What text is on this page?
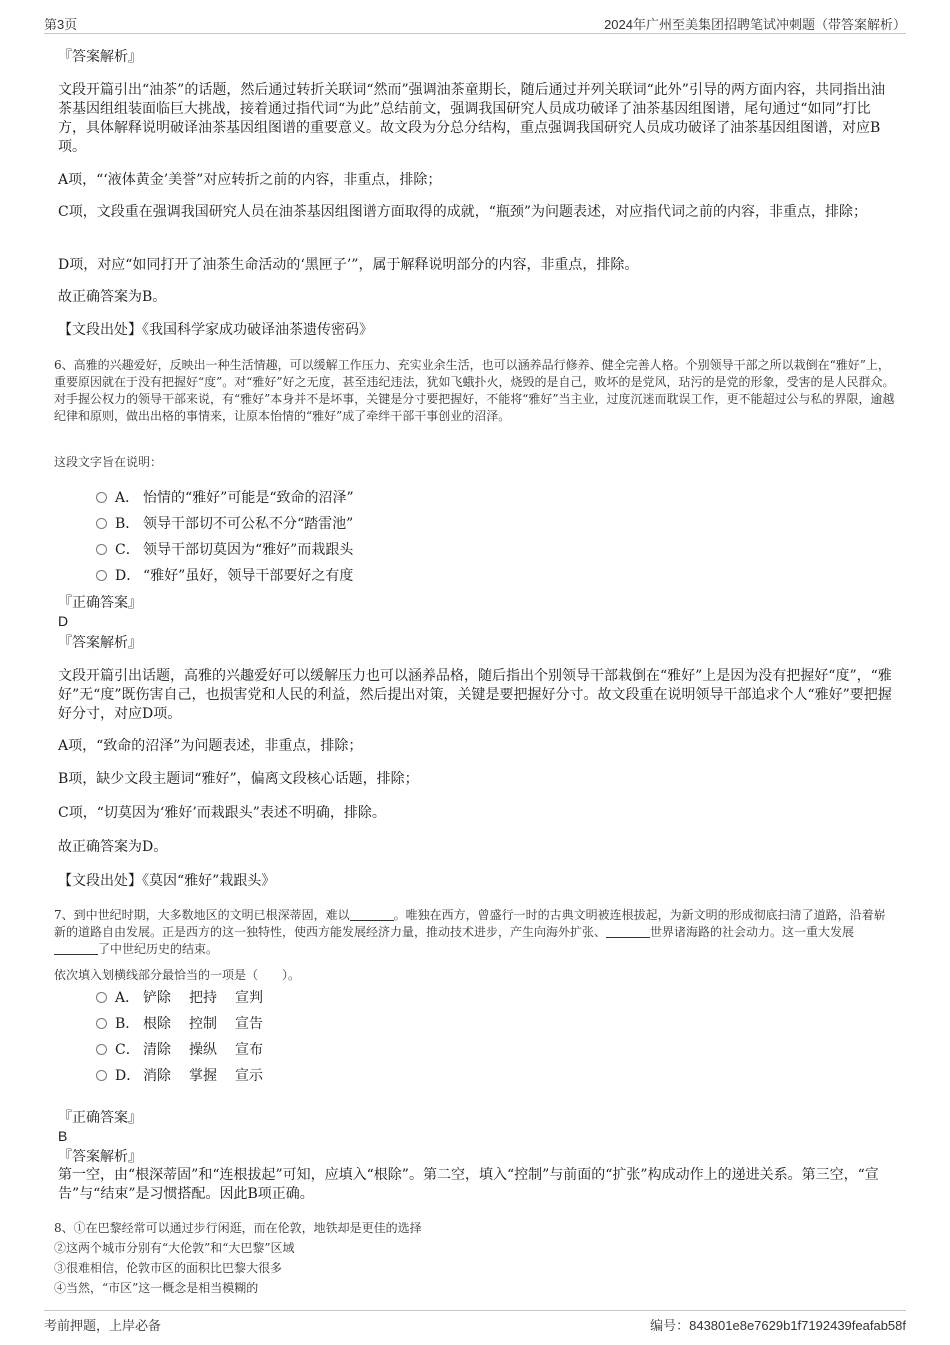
第3页	2024年广州至美集团招聘笔试冲刺题（带答案解析）
『答案解析』
文段开篇引出“油茶”的话题，然后通过转折关联词“然而”强调油茶童期长，随后通过并列关联词“此外”引导的两方面内容，共同指出油茶基因组组装面临巨大挑战，接着通过指代词“为此”总结前文，强调我国研究人员成功破译了油茶基因组图谱，尾句通过“如同”打比方，具体解释说明破译油茶基因组图谱的重要意义。故文段为分总分结构，重点强调我国研究人员成功破译了油茶基因组图谱，对应B项。
A项，“‘液体黄金’美誉”对应转折之前的内容，非重点，排除；
C项，文段重在强调我国研究人员在油茶基因组图谱方面取得的成就，“瓶颈”为问题表述，对应指代词之前的内容，非重点，排除；
D项，对应“如同打开了油茶生命活动的‘黑匣子’”，属于解释说明部分的内容，非重点，排除。
故正确答案为B。
【文段出处】《我国科学家成功破译油茶遗传密码》
6、高雅的兴趣爱好，反映出一种生活情趣，可以缓解工作压力、充实业余生活，也可以涵养品行修养、健全完善人格。个别领导干部之所以栽倒在“雅好”上，重要原因就在于没有把握好“度”。对“雅好”好之无度，甚至违纪违法，犹如飞蛾扑火，烧毁的是自己，败坏的是党风，玷污的是党的形象，受害的是人民群众。对手握公权力的领导干部来说，有“雅好”本身并不是坏事，关键是分寸要把握好，不能将“雅好”当主业，过度沉迷而耽误工作，更不能超过公与私的界限，逾越纪律和原则，做出出格的事情来，让原本怡情的“雅好”成了牵绊干部干事创业的沼泽。
这段文字旨在说明：
A． 怡情的“雅好”可能是“致命的沼泽”
B． 领导干部切不可公私不分“踏雷池”
C． 领导干部切莫因为“雅好”而栽跟头
D． “雅好”虽好，领导干部要好之有度
『正确答案』
D
『答案解析』
文段开篇引出话题，高雅的兴趣爱好可以缓解压力也可以涵养品格，随后指出个别领导干部栽倒在“雅好”上是因为没有把握好“度”，“雅好”无“度”既伤害自己，也损害党和人民的利益，然后提出对策，关键是要把握好分寸。故文段重在说明领导干部追求个人“雅好”要把握好分寸，对应D项。
A项，“致命的沼泽”为问题表述，非重点，排除；
B项，缺少文段主题词“雅好”，偏离文段核心话题，排除；
C项，“切莫因为‘雅好’而栽跟头”表述不明确，排除。
故正确答案为D。
【文段出处】《莫因“雅好”栽跟头》
7、到中世纪时期，大多数地区的文明已根深蒂固，难以	。唯独在西方，曾盛行一时的古典文明被连根拔起，为新文明的形成彻底扫清了道路，沿着崭新的道路自由发展。正是西方的这一独特性，使西方能发展经济力量，推动技术进步，产生向海外扩张、	世界诸海路的社会动力。这一重大发展了中世纪历史的结束。
依次填入划横线部分最恰当的一项是（　　）。
A． 铲除 把持 宣判
B． 根除 控制 宣告
C． 清除 操纵 宣布
D． 消除 掌握 宣示
『正确答案』
B
『答案解析』
第一空，由“根深蒂固”和“连根拔起”可知，应填入“根除”。第二空，填入“控制”与前面的“扩张”构成动作上的递进关系。第三空，“宣告”与“结束”是习惯搭配。因此B项正确。
8、①在巴黎经常可以通过步行闲逛，而在伦敦，地铁却是更佳的选择
②这两个城市分别有“大伦敦”和“大巴黎”区域
③很难相信，伦敦市区的面积比巴黎大很多
④当然，“市区”这一概念是相当模糊的
考前押题，上岸必备	编号：843801e8e7629b1f7192439feafab58f
